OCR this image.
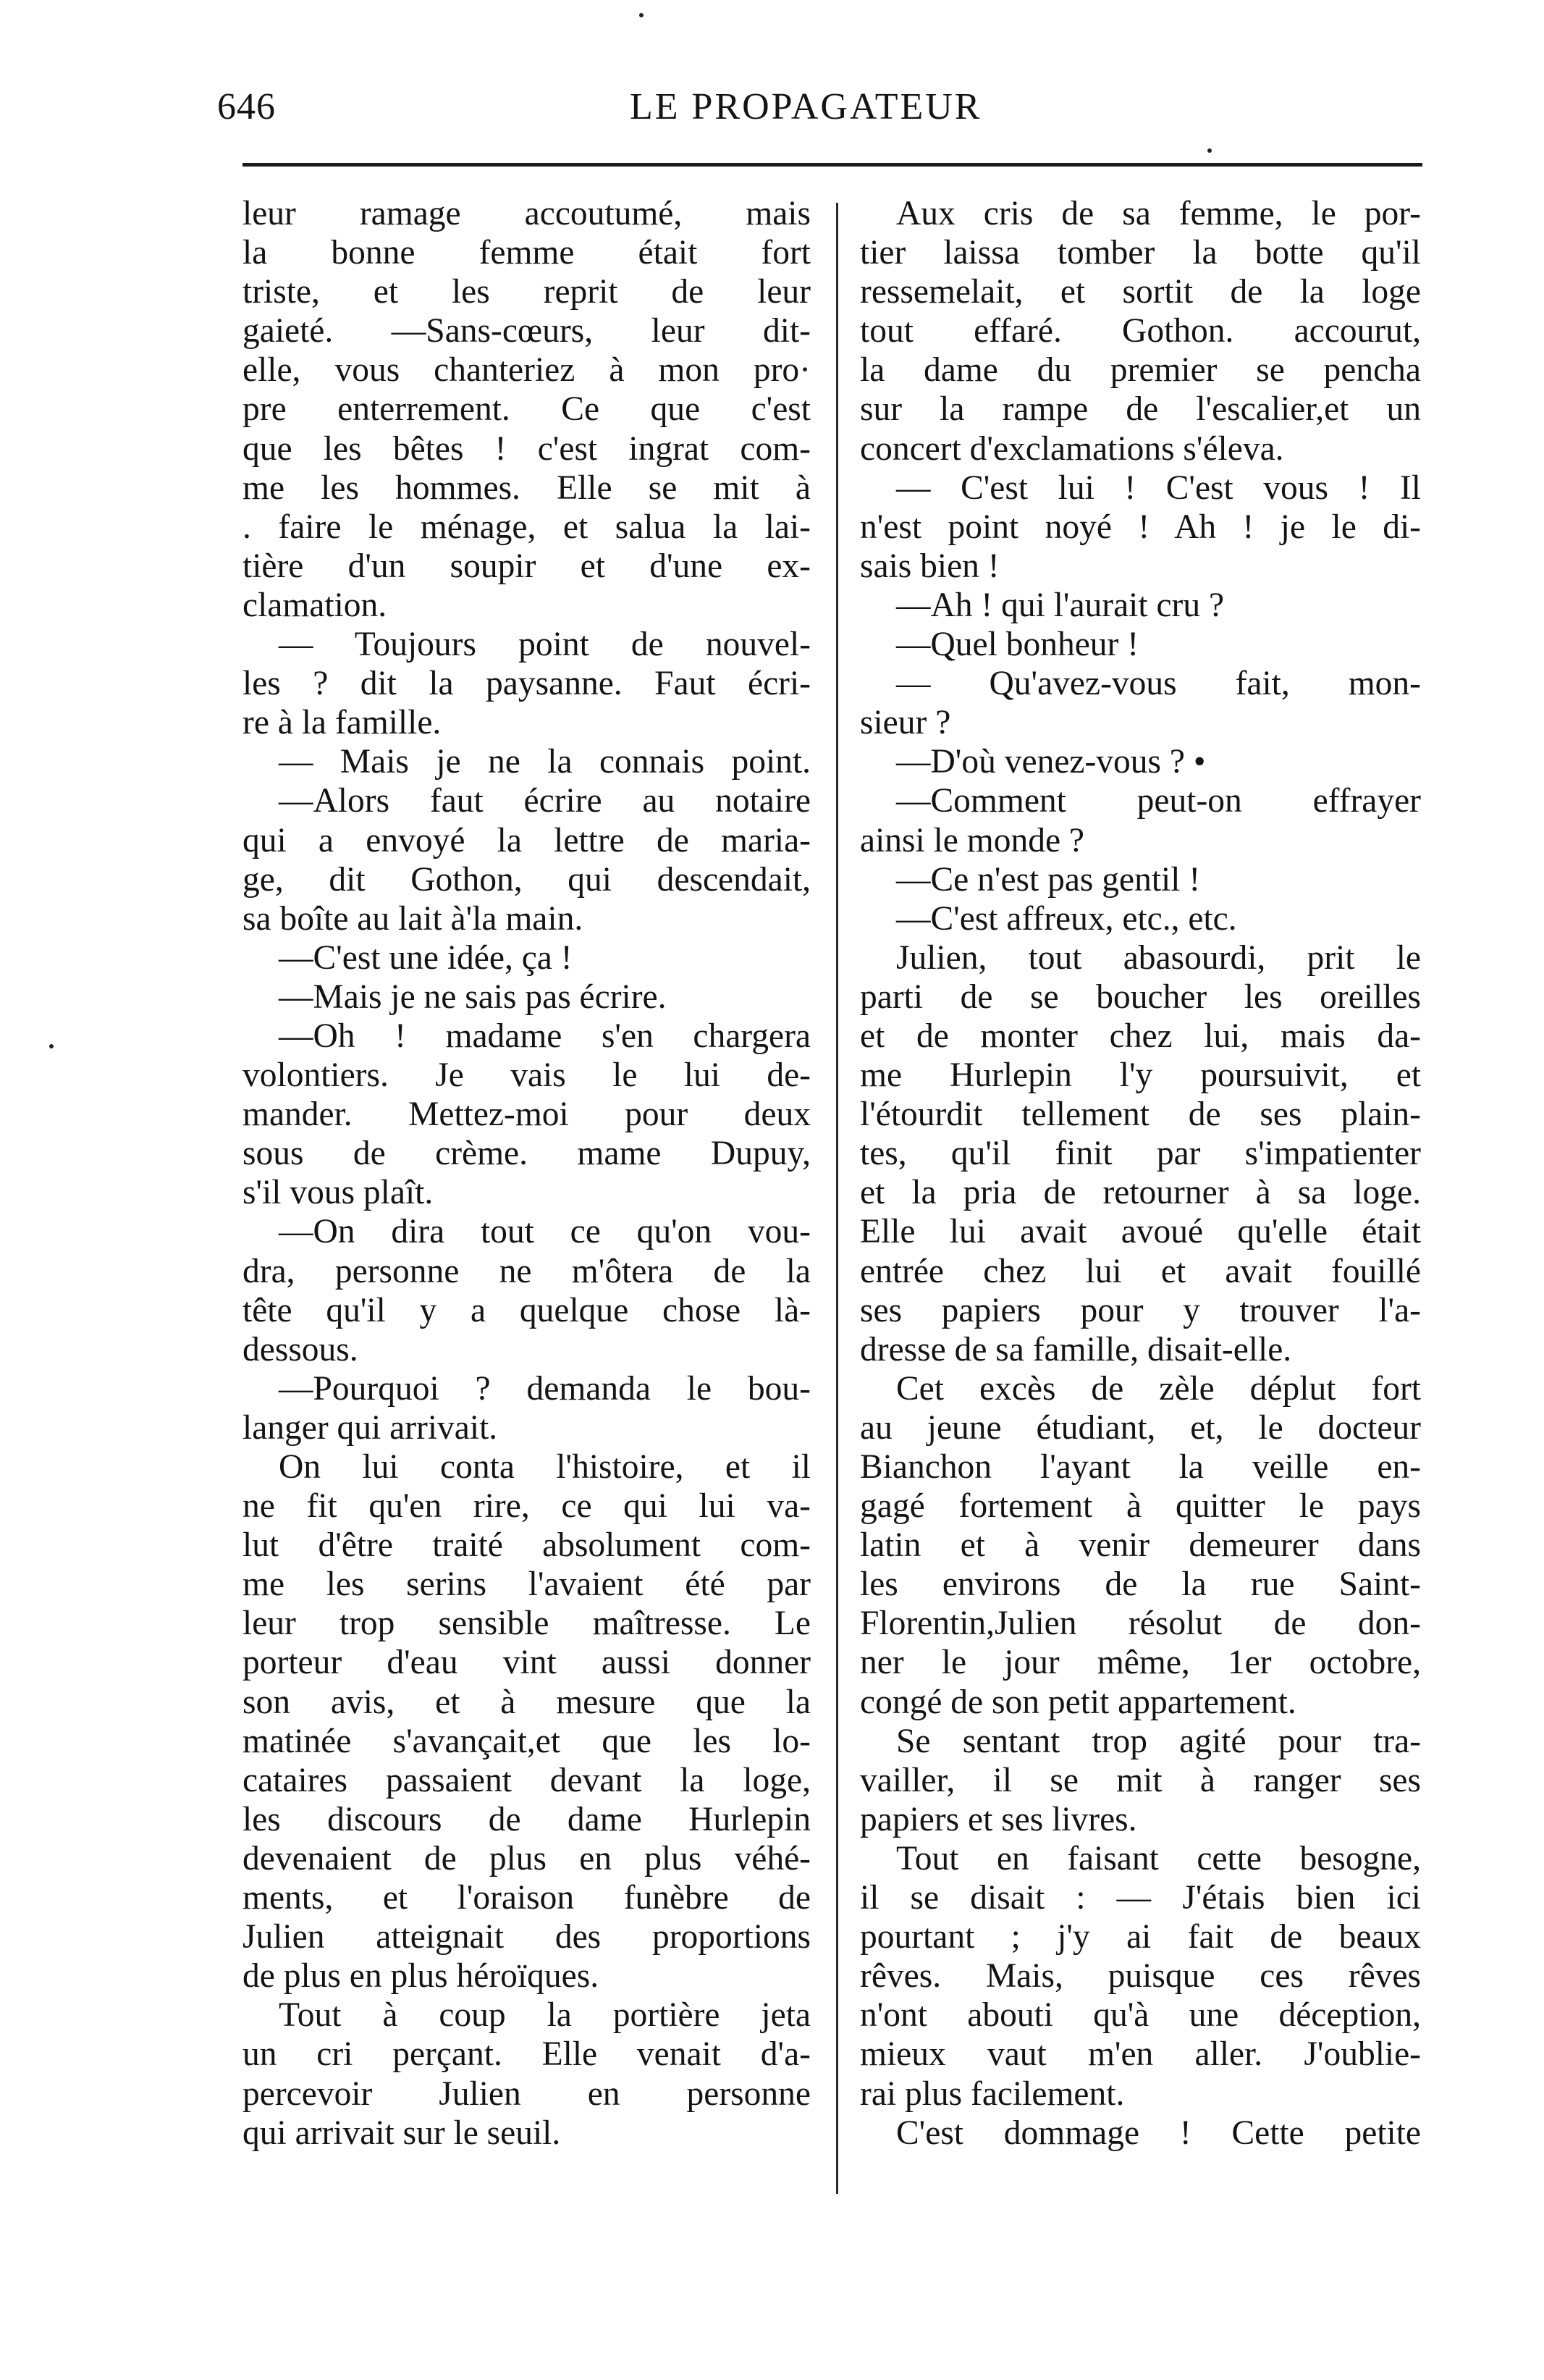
646	LE PROPAGATEUR
leur ramage accoutumé, mais
la bonne femme était fort
triste, et les reprit de leur
gaieté. —Sans-cœurs, leur dit-
elle, vous chanteriez à mon pro·
pre enterrement. Ce que c'est
que les bêtes ! c'est ingrat com-
me les hommes. Elle se mit à
. faire le ménage, et salua la lai-
tière d'un soupir et d'une ex-
clamation.
— Toujours point de nouvel-
les ? dit la paysanne. Faut écri-
re à la famille.
— Mais je ne la connais point.
—Alors faut écrire au notaire
qui a envoyé la lettre de maria-
ge, dit Gothon, qui descendait,
sa boîte au lait à'la main.
—C'est une idée, ça !
—Mais je ne sais pas écrire.
—Oh ! madame s'en chargera
volontiers. Je vais le lui de-
mander. Mettez-moi pour deux
sous de crème. mame Dupuy,
s'il vous plaît.
—On dira tout ce qu'on vou-
dra, personne ne m'ôtera de la
tête qu'il y a quelque chose là-
dessous.
—Pourquoi ? demanda le bou-
langer qui arrivait.
On lui conta l'histoire, et il
ne fit qu'en rire, ce qui lui va-
lut d'être traité absolument com-
me les serins l'avaient été par
leur trop sensible maîtresse. Le
porteur d'eau vint aussi donner
son avis, et à mesure que la
matinée s'avançait,et que les lo-
cataires passaient devant la loge,
les discours de dame Hurlepin
devenaient de plus en plus véhé-
ments, et l'oraison funèbre de
Julien atteignait des proportions
de plus en plus héroïques.
Tout à coup la portière jeta
un cri perçant. Elle venait d'a-
percevoir Julien en personne
qui arrivait sur le seuil.
Aux cris de sa femme, le por-
tier laissa tomber la botte qu'il
ressemelait, et sortit de la loge
tout effaré. Gothon. accourut,
la dame du premier se pencha
sur la rampe de l'escalier,et un
concert d'exclamations s'éleva.
— C'est lui ! C'est vous ! Il
n'est point noyé ! Ah ! je le di-
sais bien !
—Ah ! qui l'aurait cru ?
—Quel bonheur !
— Qu'avez-vous fait, mon-
sieur ?
—D'où venez-vous ? •
—Comment peut-on effrayer
ainsi le monde ?
—Ce n'est pas gentil !
—C'est affreux, etc., etc.
Julien, tout abasourdi, prit le
parti de se boucher les oreilles
et de monter chez lui, mais da-
me Hurlepin l'y poursuivit, et
l'étourdit tellement de ses plain-
tes, qu'il finit par s'impatienter
et la pria de retourner à sa loge.
Elle lui avait avoué qu'elle était
entrée chez lui et avait fouillé
ses papiers pour y trouver l'a-
dresse de sa famille, disait-elle.
Cet excès de zèle déplut fort
au jeune étudiant, et, le docteur
Bianchon l'ayant la veille en-
gagé fortement à quitter le pays
latin et à venir demeurer dans
les environs de la rue Saint-
Florentin,Julien résolut de don-
ner le jour même, 1er octobre,
congé de son petit appartement.
Se sentant trop agité pour tra-
vailler, il se mit à ranger ses
papiers et ses livres.
Tout en faisant cette besogne,
il se disait : — J'étais bien ici
pourtant ; j'y ai fait de beaux
rêves. Mais, puisque ces rêves
n'ont abouti qu'à une déception,
mieux vaut m'en aller. J'oublie-
rai plus facilement.
C'est dommage ! Cette petite
